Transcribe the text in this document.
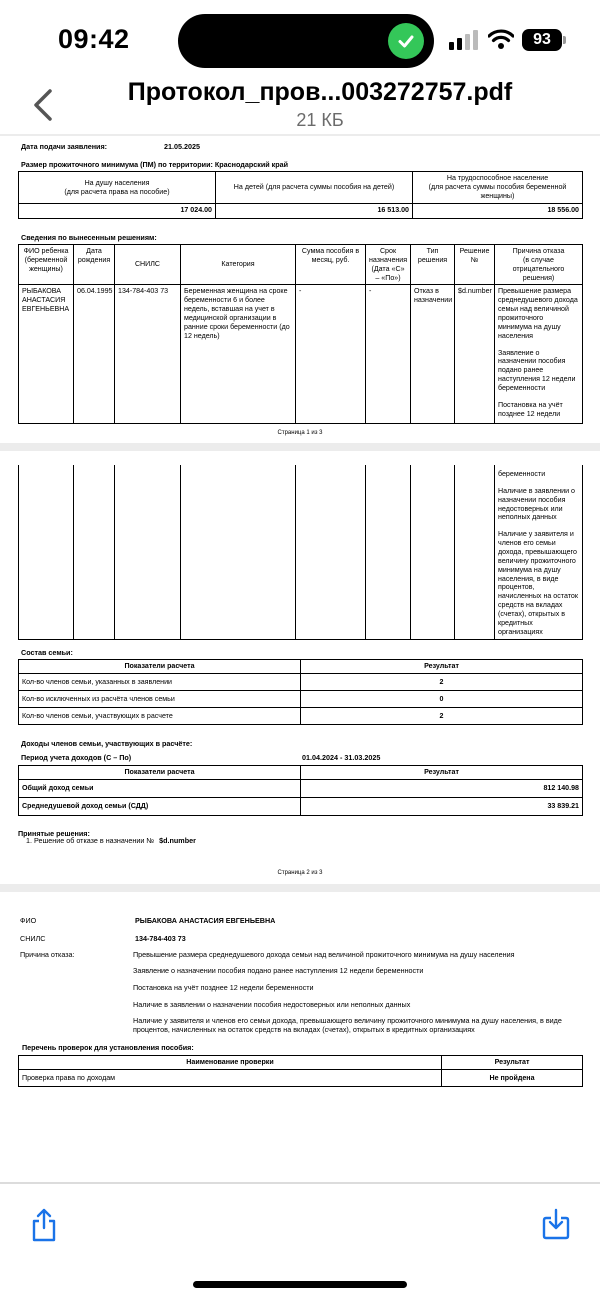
09:42	93
Протокол_пров...003272757.pdf
21 КБ
Дата подачи заявления:	21.05.2025
Размер прожиточного минимума (ПМ) по территории: Краснодарский край
На душу населения
(для расчета права на пособие)	На детей (для расчета суммы пособия на детей)	На трудоспособное население
(для расчета суммы пособия беременной женщины)
17 024.00	16 513.00	18 556.00
Сведения по вынесенным решениям:
ФИО ребенка (беременной женщины)	Дата рождения	СНИЛС	Категория	Сумма пособия в месяц, руб.	Срок назначения (Дата «С» – «По»)	Тип решения	Решение №	Причина отказа
(в случае отрицательного решения)
РЫБАКОВА АНАСТАСИЯ ЕВГЕНЬЕВНА	06.04.1995	134-784-403 73	Беременная женщина на сроке беременности 6 и более недель, вставшая на учет в медицинской организации в ранние сроки беременности (до 12 недель)	-	-	Отказ в назначении	$d.number	Превышение размера среднедушевого дохода семьи над величиной прожиточного минимума на душу населения
Заявление о назначении пособия подано ранее наступления 12 недели беременности
Постановка на учёт позднее 12 недели
Страница 1 из 3

беременности
Наличие в заявлении о назначении пособия недостоверных или неполных данных
Наличие у заявителя и членов его семьи дохода, превышающего величину прожиточного минимума на душу населения, в виде процентов, начисленных на остаток средств на вкладах (счетах), открытых в кредитных организациях
Состав семьи:
Показатели расчета	Результат
Кол-во членов семьи, указанных в заявлении	2
Кол-во исключенных из расчёта членов семьи	0
Кол-во членов семьи, участвующих в расчете	2
Доходы членов семьи, участвующих в расчёте:
Период учета доходов (С – По)	01.04.2024 - 31.03.2025
Показатели расчета	Результат
Общий доход семьи	812 140.98
Среднедушевой доход семьи (СДД)	33 839.21
Принятые решения:
1. Решение об отказе в назначении № $d.number
Страница 2 из 3
ФИО	РЫБАКОВА АНАСТАСИЯ ЕВГЕНЬЕВНА
СНИЛС	134-784-403 73
Причина отказа:	Превышение размера среднедушевого дохода семьи над величиной прожиточного минимума на душу населения
Заявление о назначении пособия подано ранее наступления 12 недели беременности
Постановка на учёт позднее 12 недели беременности
Наличие в заявлении о назначении пособия недостоверных или неполных данных
Наличие у заявителя и членов его семьи дохода, превышающего величину прожиточного минимума на душу населения, в виде процентов, начисленных на остаток средств на вкладах (счетах), открытых в кредитных организациях
Перечень проверок для установления пособия:
Наименование проверки	Результат
Проверка права по доходам	Не пройдена
